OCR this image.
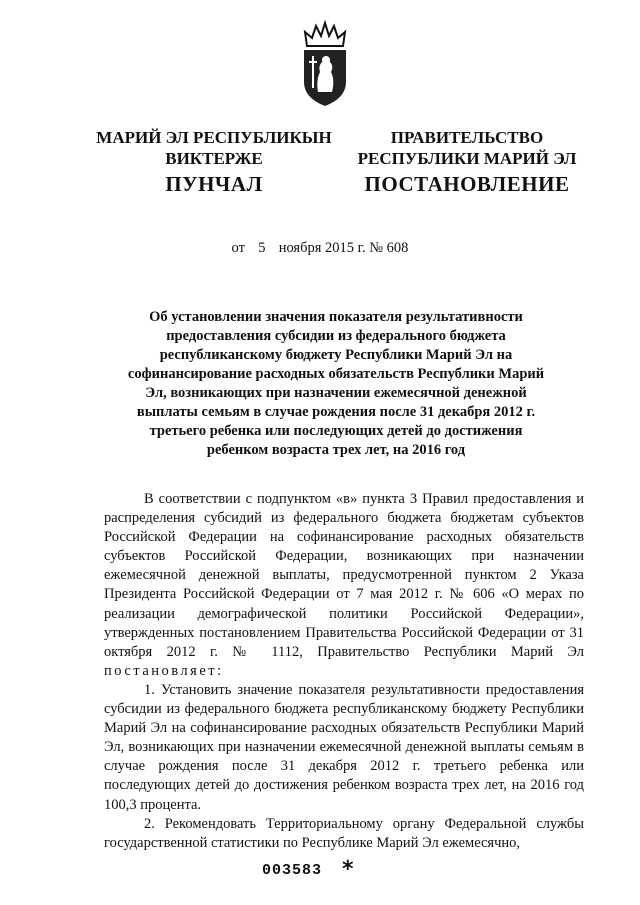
МАРИЙ ЭЛ РЕСПУБЛИКЫН
ВИКТЕРЖЕ
ПУНЧАЛ
ПРАВИТЕЛЬСТВО
РЕСПУБЛИКИ МАРИЙ ЭЛ
ПОСТАНОВЛЕНИЕ
от 5 ноября 2015 г. № 608
Об установлении значения показателя результативности предоставления субсидии из федерального бюджета республиканскому бюджету Республики Марий Эл на софинансирование расходных обязательств Республики Марий Эл, возникающих при назначении ежемесячной денежной выплаты семьям в случае рождения после 31 декабря 2012 г. третьего ребенка или последующих детей до достижения ребенком возраста трех лет, на 2016 год

В соответствии с подпунктом «в» пункта 3 Правил предоставления и распределения субсидий из федерального бюджета бюджетам субъектов Российской Федерации на софинансирование расходных обязательств субъектов Российской Федерации, возникающих при назначении ежемесячной денежной выплаты, предусмотренной пунктом 2 Указа Президента Российской Федерации от 7 мая 2012 г. № 606 «О мерах по реализации демографической политики Российской Федерации», утвержденных постановлением Правительства Российской Федерации от 31 октября 2012 г. № 1112, Правительство Республики Марий Эл постановляет:

1. Установить значение показателя результативности предоставления субсидии из федерального бюджета республиканскому бюджету Республики Марий Эл на софинансирование расходных обязательств Республики Марий Эл, возникающих при назначении ежемесячной денежной выплаты семьям в случае рождения после 31 декабря 2012 г. третьего ребенка или последующих детей до достижения ребенком возраста трех лет, на 2016 год 100,3 процента.

2. Рекомендовать Территориальному органу Федеральной службы государственной статистики по Республике Марий Эл ежемесячно,

003583 *
